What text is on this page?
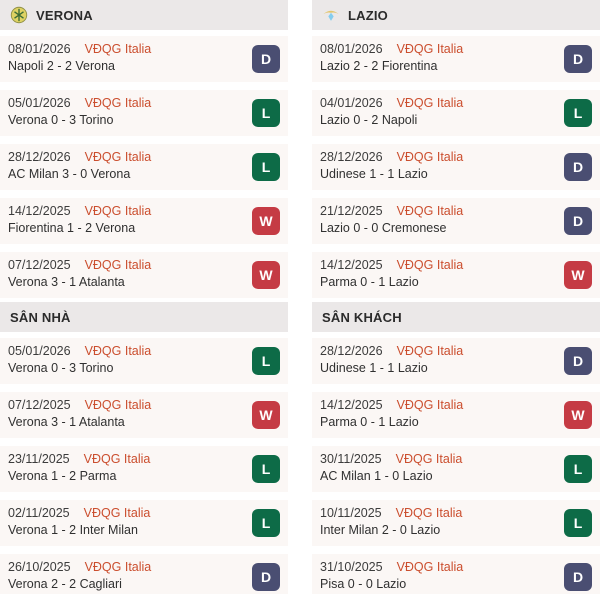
VERONA
08/01/2026 VĐQG Italia
Napoli 2 - 2 Verona	D
05/01/2026 VĐQG Italia
Verona 0 - 3 Torino	L
28/12/2026 VĐQG Italia
AC Milan 3 - 0 Verona	L
14/12/2025 VĐQG Italia
Fiorentina 1 - 2 Verona	W
07/12/2025 VĐQG Italia
Verona 3 - 1 Atalanta	W
SÂN NHÀ
05/01/2026 VĐQG Italia
Verona 0 - 3 Torino	L
07/12/2025 VĐQG Italia
Verona 3 - 1 Atalanta	W
23/11/2025 VĐQG Italia
Verona 1 - 2 Parma	L
02/11/2025 VĐQG Italia
Verona 1 - 2 Inter Milan	L
26/10/2025 VĐQG Italia
Verona 2 - 2 Cagliari	D
LAZIO
08/01/2026 VĐQG Italia
Lazio 2 - 2 Fiorentina	D
04/01/2026 VĐQG Italia
Lazio 0 - 2 Napoli	L
28/12/2026 VĐQG Italia
Udinese 1 - 1 Lazio	D
21/12/2025 VĐQG Italia
Lazio 0 - 0 Cremonese	D
14/12/2025 VĐQG Italia
Parma 0 - 1 Lazio	W
SÂN KHÁCH
28/12/2026 VĐQG Italia
Udinese 1 - 1 Lazio	D
14/12/2025 VĐQG Italia
Parma 0 - 1 Lazio	W
30/11/2025 VĐQG Italia
AC Milan 1 - 0 Lazio	L
10/11/2025 VĐQG Italia
Inter Milan 2 - 0 Lazio	L
31/10/2025 VĐQG Italia
Pisa 0 - 0 Lazio	D
